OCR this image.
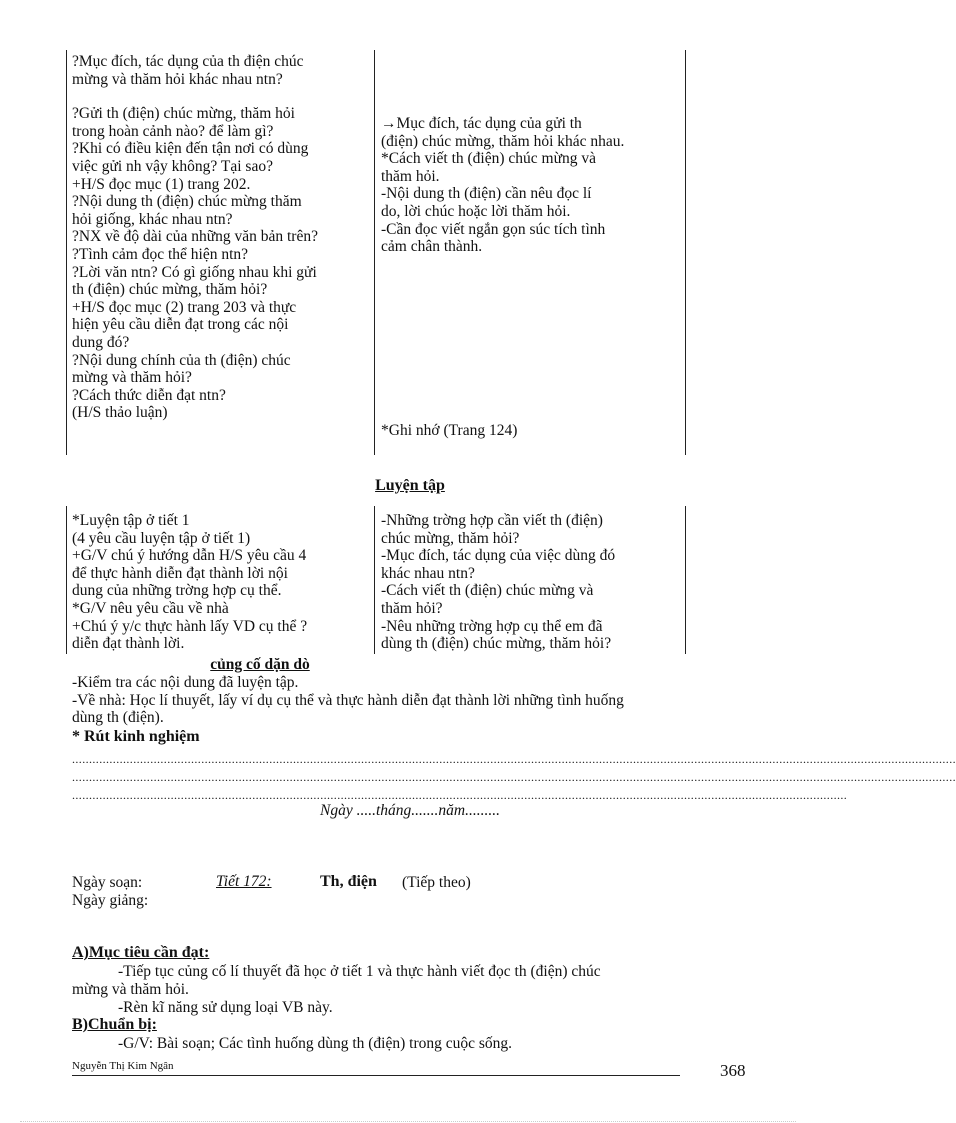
?Mục đích, tác dụng của th điện chúc
mừng và thăm hỏi khác nhau ntn?
?Gửi th (điện) chúc mừng, thăm hỏi
trong hoàn cảnh nào? để làm gì?
?Khi có điều kiện đến tận nơi có dùng
việc gửi nh vậy không? Tại sao?
+H/S đọc mục (1) trang 202.
?Nội dung th (điện) chúc mừng thăm
hỏi giống, khác nhau ntn?
?NX về độ dài của những văn bản trên?
?Tình cảm đọc thể hiện ntn?
?Lời văn ntn? Có gì giống nhau khi gửi
th (điện) chúc mừng, thăm hỏi?
+H/S đọc mục (2) trang 203 và thực
hiện yêu cầu diễn đạt trong các nội
dung đó?
?Nội dung chính của th (điện) chúc
mừng và thăm hỏi?
?Cách thức diễn đạt ntn?
(H/S thảo luận)
→Mục đích, tác dụng của gửi th
(điện) chúc mừng, thăm hỏi khác nhau.
*Cách viết th (điện) chúc mừng và
thăm hỏi.
-Nội dung th (điện) cần nêu đọc lí
do, lời chúc hoặc lời thăm hỏi.
-Cần đọc viết ngắn gọn súc tích tình
cảm chân thành.
*Ghi nhớ (Trang 124)
Luyện tập
*Luyện tập ở tiết 1
(4 yêu cầu luyện tập ở tiết 1)
+G/V chú ý hướng dẫn H/S yêu cầu 4
để thực hành diễn đạt thành lời nội
dung của những trờng hợp cụ thể.
*G/V nêu yêu cầu về nhà
+Chú ý y/c thực hành lấy VD cụ thể ?
diễn đạt thành lời.
-Những trờng hợp cần viết th (điện)
chúc mừng, thăm hỏi?
-Mục đích, tác dụng của việc dùng đó
khác nhau ntn?
-Cách viết th (điện) chúc mừng và
thăm hỏi?
-Nêu những trờng hợp cụ thể em đã
dùng th (điện) chúc mừng, thăm hỏi?
củng cố dặn dò
-Kiểm tra các nội dung đã luyện tập.
-Về nhà: Học lí thuyết, lấy ví dụ cụ thể và thực hành diễn đạt thành lời những tình huống
dùng th (điện).
* Rút kinh nghiệm
....................................................................................................................................................................................................................................................................
....................................................................................................................................................................................................................................................................
....................................................................................................................................................................................................................................
Ngày .....tháng.......năm.........
Ngày soạn:
Ngày giảng:
Tiết 172:	Th, điện (Tiếp theo)
A)Mục tiêu cần đạt:
-Tiếp tục củng cố lí thuyết đã học ở tiết 1 và thực hành viết đọc th (điện) chúc
mừng và thăm hỏi.
-Rèn kĩ năng sử dụng loại VB này.
B)Chuẩn bị:
-G/V: Bài soạn; Các tình huống dùng th (điện) trong cuộc sống.
Nguyễn Thị Kim Ngân	368
